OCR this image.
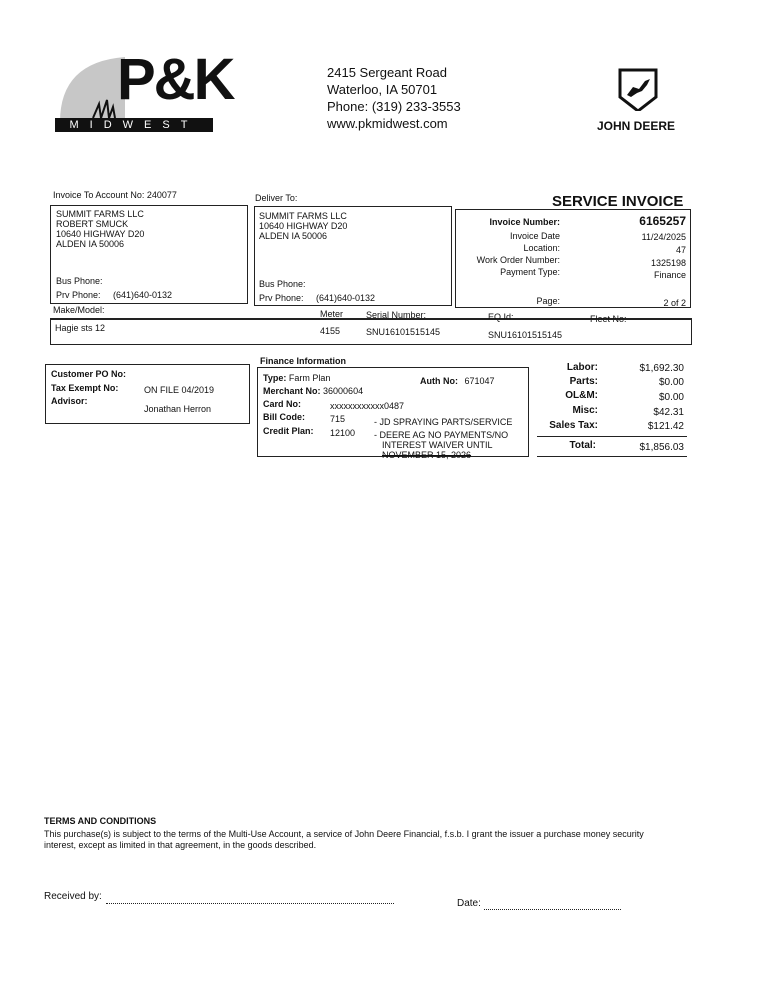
P&K
MIDWEST
2415 Sergeant Road
Waterloo, IA 50701
Phone: (319) 233-3553
www.pkmidwest.com	JOHN DEERE
Invoice To Account No: 240077	Deliver To:	SERVICE INVOICE
SUMMIT FARMS LLC
ROBERT SMUCK
10640 HIGHWAY D20
ALDEN IA 50006
Bus Phone:
Prv Phone: (641)640-0132
SUMMIT FARMS LLC
10640 HIGHWAY D20
ALDEN IA 50006
Bus Phone:
Prv Phone: (641)640-0132
Invoice Number:	6165257
Invoice Date	11/24/2025
Location:	47
Work Order Number:	1325198
Payment Type:	Finance
Page:	2 of 2
Make/Model:	Meter	Serial Number:	EQ Id:	Fleet No:
Hagie sts 12	4155	SNU16101515145	SNU16101515145
Customer PO No:
Tax Exempt No:	ON FILE 04/2019
Advisor:
Jonathan Herron
Finance Information
Type: Farm Plan	Auth No: 671047
Merchant No: 36000604
Card No:	xxxxxxxxxxxx0487
Bill Code:	715	- JD SPRAYING PARTS/SERVICE
Credit Plan: 12100 - DEERE AG NO PAYMENTS/NO
INTEREST WAIVER UNTIL
NOVEMBER 15, 2026
Labor:	$1,692.30
Parts:	$0.00
OL&M:	$0.00
Misc:	$42.31
Sales Tax:	$121.42
Total:	$1,856.03
TERMS AND CONDITIONS
This purchase(s) is subject to the terms of the Multi-Use Account, a service of John Deere Financial, f.s.b. I grant the issuer a purchase money security
interest, except as limited in that agreement, in the goods described.
Received by:
Date:
